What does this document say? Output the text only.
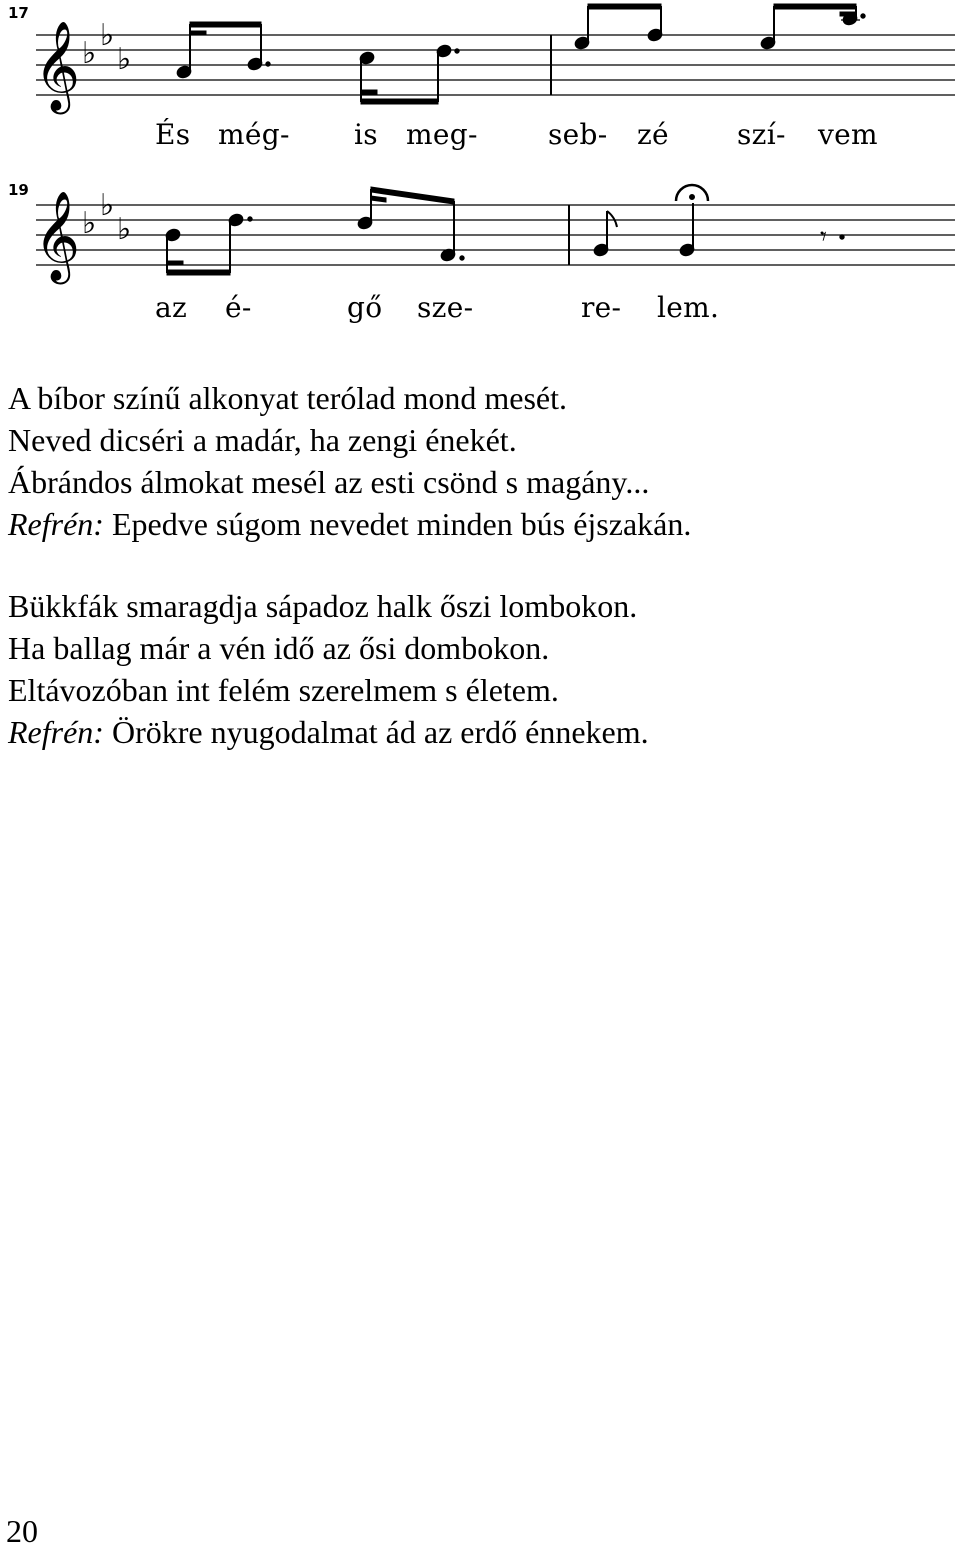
17
𝄞 ♭
♭
♭
És még- is meg-	seb- zé szí- vem
19
𝄞 ♭
♭
♭	𝄾
az é-	gő sze-	re- lem.
A bíbor színű alkonyat terólad mond mesét.
Neved dicséri a madár, ha zengi énekét.
Ábrándos álmokat mesél az esti csönd s magány...
Refrén: Epedve súgom nevedet minden bús éjszakán.
Bükkfák smaragdja sápadoz halk őszi lombokon.
Ha ballag már a vén idő az ősi dombokon.
Eltávozóban int felém szerelmem s életem.
Refrén: Örökre nyugodalmat ád az erdő énnekem.
20
